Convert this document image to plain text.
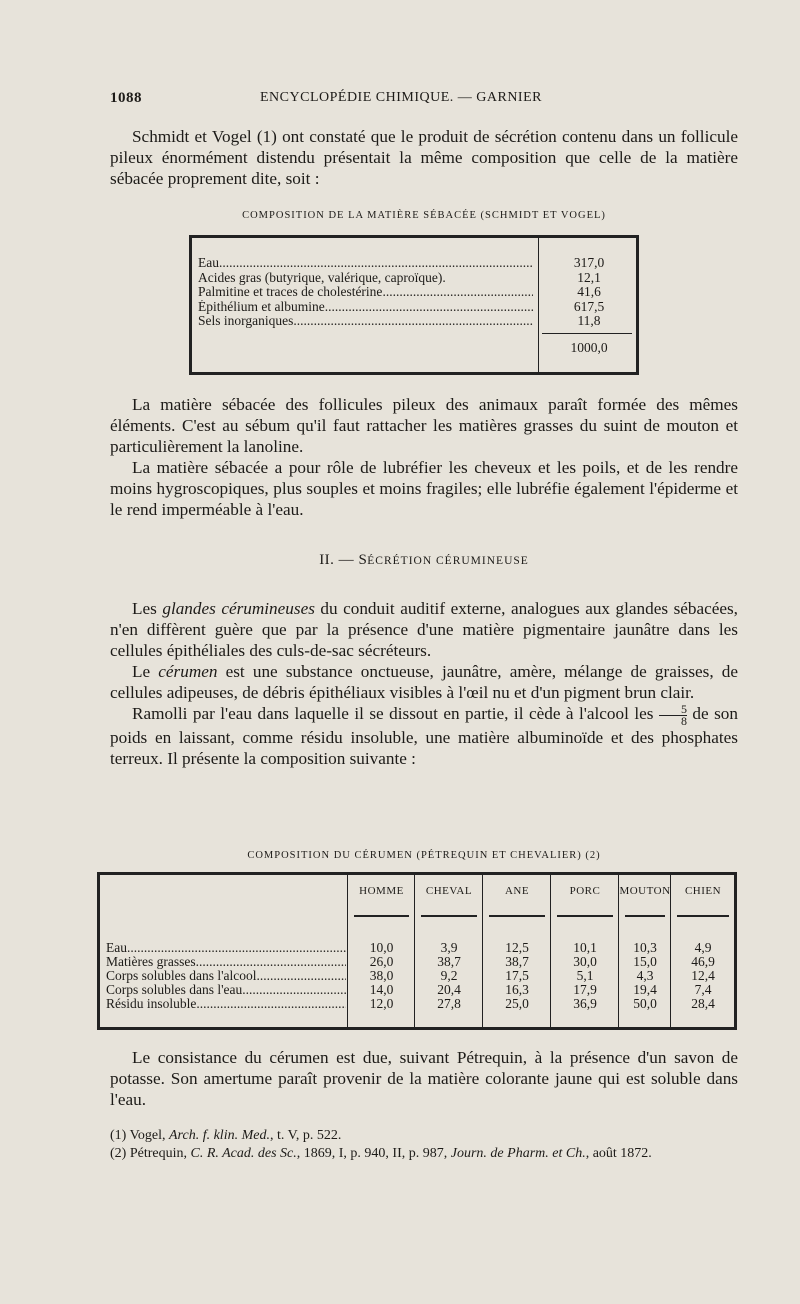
1088	ENCYCLOPÉDIE CHIMIQUE. — GARNIER

Schmidt et Vogel (1) ont constaté que le produit de sécrétion contenu dans un follicule pileux énormément distendu présentait la même composition que celle de la matière sébacée proprement dite, soit :

COMPOSITION DE LA MATIÈRE SÉBACÉE (SCHMIDT ET VOGEL)
Eau
.....
Acides gras (butyrique, valérique, caproïque).
Palmitine et traces de cholestérine
.....
Épithélium et albumine
.....
Sels inorganiques
.....
317,0
12,1
41,6
617,5
11,8
1000,0

La matière sébacée des follicules pileux des animaux paraît formée des mêmes éléments. C'est au sébum qu'il faut rattacher les matières grasses du suint de mouton et particulièrement la lanoline.

La matière sébacée a pour rôle de lubréfier les cheveux et les poils, et de les rendre moins hygroscopiques, plus souples et moins fragiles; elle lubréfie également l'épiderme et le rend imperméable à l'eau.

II. — SÉCRÉTION CÉRUMINEUSE

Les glandes cérumineuses du conduit auditif externe, analogues aux glandes sébacées, n'en diffèrent guère que par la présence d'une matière pigmentaire jaunâtre dans les cellules épithéliales des culs-de-sac sécréteurs.

Le cérumen est une substance onctueuse, jaunâtre, amère, mélange de graisses, de cellules adipeuses, de débris épithéliaux visibles à l'œil nu et d'un pigment brun clair.

Ramolli par l'eau dans laquelle il se dissout en partie, il cède à l'alcool les $\frac{5}{8}$ de son poids en laissant, comme résidu insoluble, une matière albuminoïde et des phosphates terreux. Il présente la composition suivante :

COMPOSITION DU CÉRUMEN (PÉTREQUIN ET CHEVALIER) (2)
Eau
.....
Matières grasses
.....
Corps solubles dans l'alcool
.....
Corps solubles dans l'eau
.....
Résidu insoluble
.....
HOMME
10,0
26,0
38,0
14,0
12,0
CHEVAL
3,9
38,7
9,2
20,4
27,8
ANE
12,5
38,7
17,5
16,3
25,0
PORC
10,1
30,0
5,1
17,9
36,9
MOUTON
10,3
15,0
4,3
19,4
50,0
CHIEN
4,9
46,9
12,4
7,4
28,4

Le consistance du cérumen est due, suivant Pétrequin, à la présence d'un savon de potasse. Son amertume paraît provenir de la matière colorante jaune qui est soluble dans l'eau.

(1) Vogel, Arch. f. klin. Med., t. V, p. 522.

(2) Pétrequin, C. R. Acad. des Sc., 1869, I, p. 940, II, p. 987, Journ. de Pharm. et Ch., août 1872.
